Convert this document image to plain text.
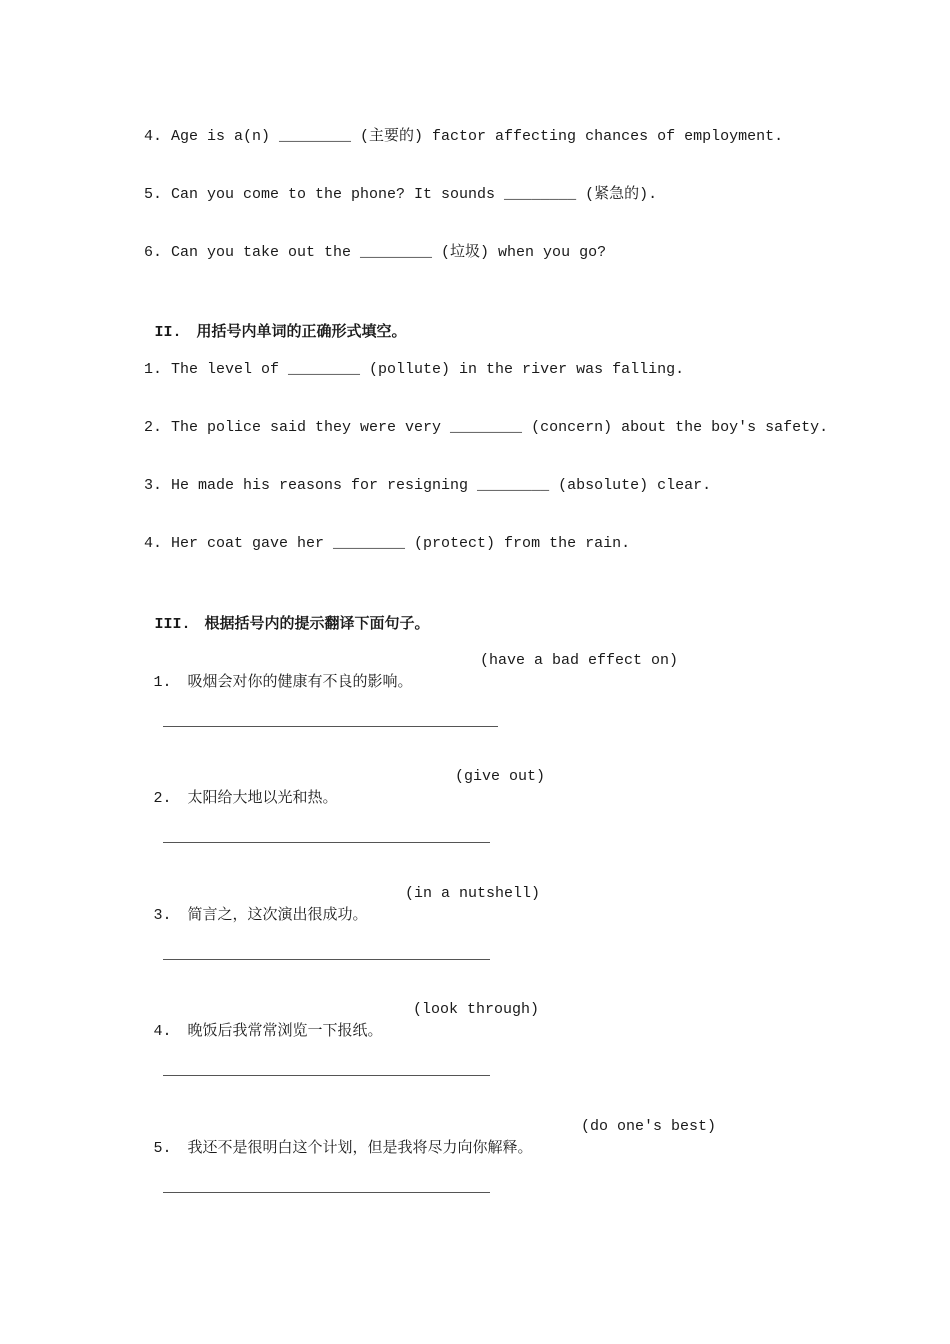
4. Age is a(n) ________ (主要的) factor affecting chances of employment.
5. Can you come to the phone? It sounds ________ (紧急的).
6. Can you take out the ________ (垃圾) when you go?

II. 用括号内单词的正确形式填空。

1. The level of ________ (pollute) in the river was falling.
2. The police said they were very ________ (concern) about the boy's safety.
3. He made his reasons for resigning ________ (absolute) clear.
4. Her coat gave her ________ (protect) from the rain.

III. 根据括号内的提示翻译下面句子。

1. 吸烟会对你的健康有不良的影响。
(have a bad effect on)

2. 太阳给大地以光和热。
(give out)

3. 简言之，这次演出很成功。
(in a nutshell)

4. 晚饭后我常常浏览一下报纸。
(look through)

5. 我还不是很明白这个计划，但是我将尽力向你解释。
(do one's best)
